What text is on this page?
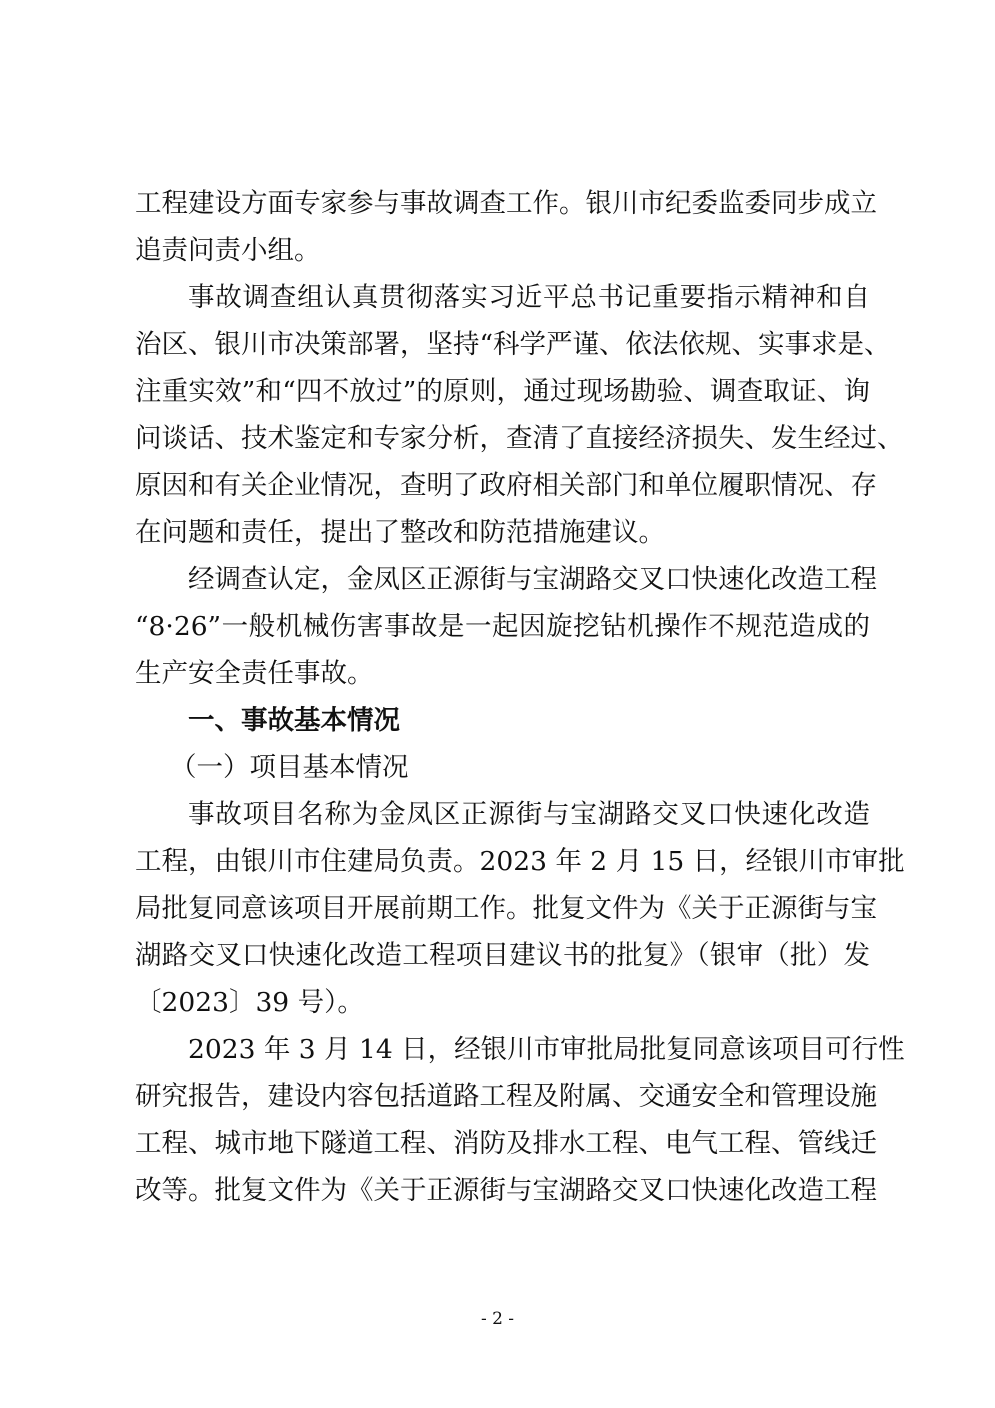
工程建设方面专家参与事故调查工作。银川市纪委监委同步成立
追责问责小组。
事故调查组认真贯彻落实习近平总书记重要指示精神和自
治区、银川市决策部署，坚持“科学严谨、依法依规、实事求是、
注重实效”和“四不放过”的原则，通过现场勘验、调查取证、询
问谈话、技术鉴定和专家分析，查清了直接经济损失、发生经过、
原因和有关企业情况，查明了政府相关部门和单位履职情况、存
在问题和责任，提出了整改和防范措施建议。
经调查认定，金凤区正源街与宝湖路交叉口快速化改造工程
“8·26”一般机械伤害事故是一起因旋挖钻机操作不规范造成的
生产安全责任事故。
一、事故基本情况
（一）项目基本情况
事故项目名称为金凤区正源街与宝湖路交叉口快速化改造
工程，由银川市住建局负责。2023 年 2 月 15 日，经银川市审批
局批复同意该项目开展前期工作。批复文件为《关于正源街与宝
湖路交叉口快速化改造工程项目建议书的批复》（银审（批）发
〔2023〕39 号）。
2023 年 3 月 14 日，经银川市审批局批复同意该项目可行性
研究报告，建设内容包括道路工程及附属、交通安全和管理设施
工程、城市地下隧道工程、消防及排水工程、电气工程、管线迁
改等。批复文件为《关于正源街与宝湖路交叉口快速化改造工程
- 2 -
